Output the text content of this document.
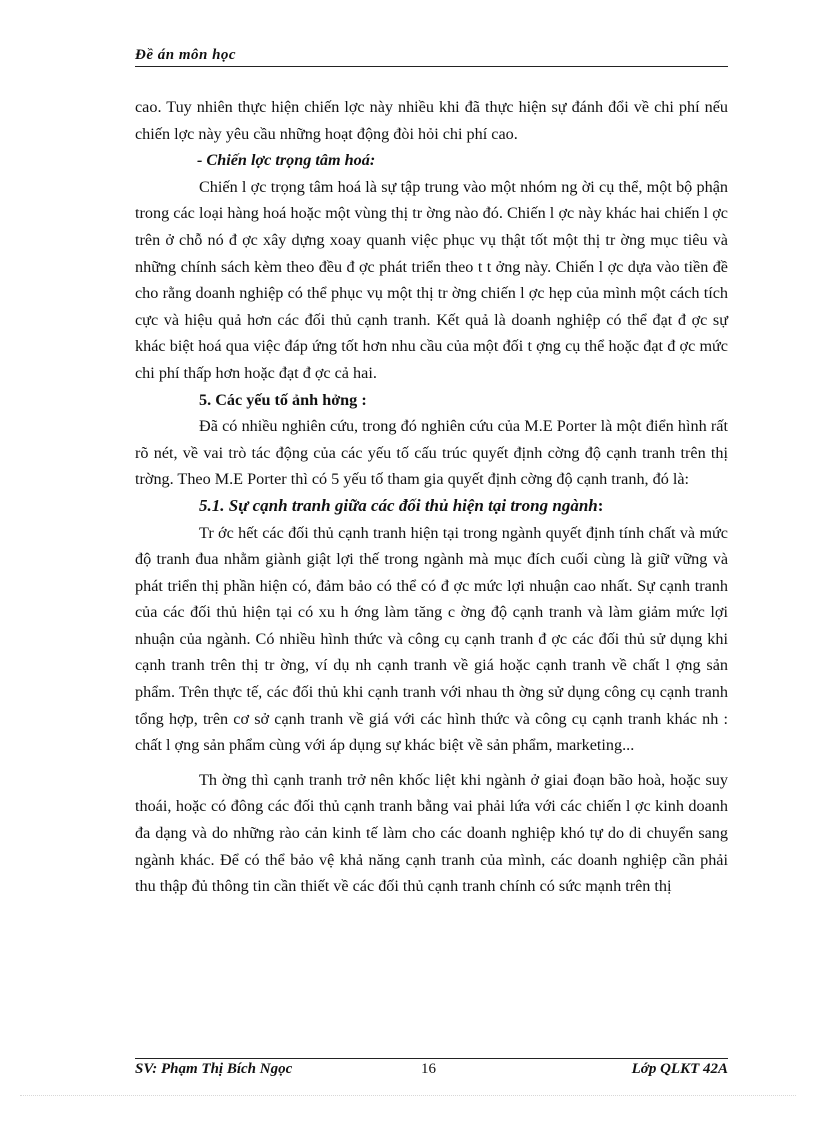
Đề án môn học

cao. Tuy nhiên thực hiện chiến lợc này nhiều khi đã thực hiện sự đánh đổi về chi phí nếu chiến lợc này yêu cầu những hoạt động đòi hỏi chi phí cao.

- Chiến lợc trọng tâm hoá:

Chiến l ợc trọng tâm hoá là sự tập trung vào một nhóm ng ời cụ thể, một bộ phận trong các loại hàng hoá hoặc một vùng thị tr ờng nào đó. Chiến l ợc này khác hai chiến l ợc trên ở chỗ nó đ ợc xây dựng xoay quanh việc phục vụ thật tốt một thị tr ờng mục tiêu và những chính sách kèm theo đều đ ợc phát triển theo t t ởng này. Chiến l ợc dựa vào tiền đề cho rằng doanh nghiệp có thể phục vụ một thị tr ờng chiến l ợc hẹp của mình một cách tích cực và hiệu quả hơn các đối thủ cạnh tranh. Kết quả là doanh nghiệp có thể đạt đ ợc sự khác biệt hoá qua việc đáp ứng tốt hơn nhu cầu của một đối t ợng cụ thể hoặc đạt đ ợc mức chi phí thấp hơn hoặc đạt đ ợc cả hai.

5. Các yếu tố ảnh hởng :

Đã có nhiều nghiên cứu, trong đó nghiên cứu của M.E Porter là một điển hình rất rõ nét, về vai trò tác động của các yếu tố cấu trúc quyết định cờng độ cạnh tranh trên thị trờng. Theo M.E Porter thì có 5 yếu tố tham gia quyết định cờng độ cạnh tranh, đó là:

5.1. Sự cạnh tranh giữa các đối thủ hiện tại trong ngành:

Tr ớc hết các đối thủ cạnh tranh hiện tại trong ngành quyết định tính chất và mức độ tranh đua nhằm giành giật lợi thế trong ngành mà mục đích cuối cùng là giữ vững và phát triển thị phần hiện có, đảm bảo có thể có đ ợc mức lợi nhuận cao nhất. Sự cạnh tranh của các đối thủ hiện tại có xu h ớng làm tăng c ờng độ cạnh tranh và làm giảm mức lợi nhuận của ngành. Có nhiều hình thức và công cụ cạnh tranh đ ợc các đối thủ sử dụng khi cạnh tranh trên thị tr ờng, ví dụ nh cạnh tranh về giá hoặc cạnh tranh về chất l ợng sản phẩm. Trên thực tế, các đối thủ khi cạnh tranh với nhau th ờng sử dụng công cụ cạnh tranh tổng hợp, trên cơ sở cạnh tranh về giá với các hình thức và công cụ cạnh tranh khác nh : chất l ợng sản phẩm cùng với áp dụng sự khác biệt về sản phẩm, marketing...

Th ờng thì cạnh tranh trở nên khốc liệt khi ngành ở giai đoạn bão hoà, hoặc suy thoái, hoặc có đông các đối thủ cạnh tranh bằng vai phải lứa với các chiến l ợc kinh doanh đa dạng và do những rào cản kinh tế làm cho các doanh nghiệp khó tự do di chuyển sang ngành khác. Để có thể bảo vệ khả năng cạnh tranh của mình, các doanh nghiệp cần phải thu thập đủ thông tin cần thiết về các đối thủ cạnh tranh chính có sức mạnh trên thị

SV: Phạm Thị Bích Ngọc	16	Lớp QLKT 42A
